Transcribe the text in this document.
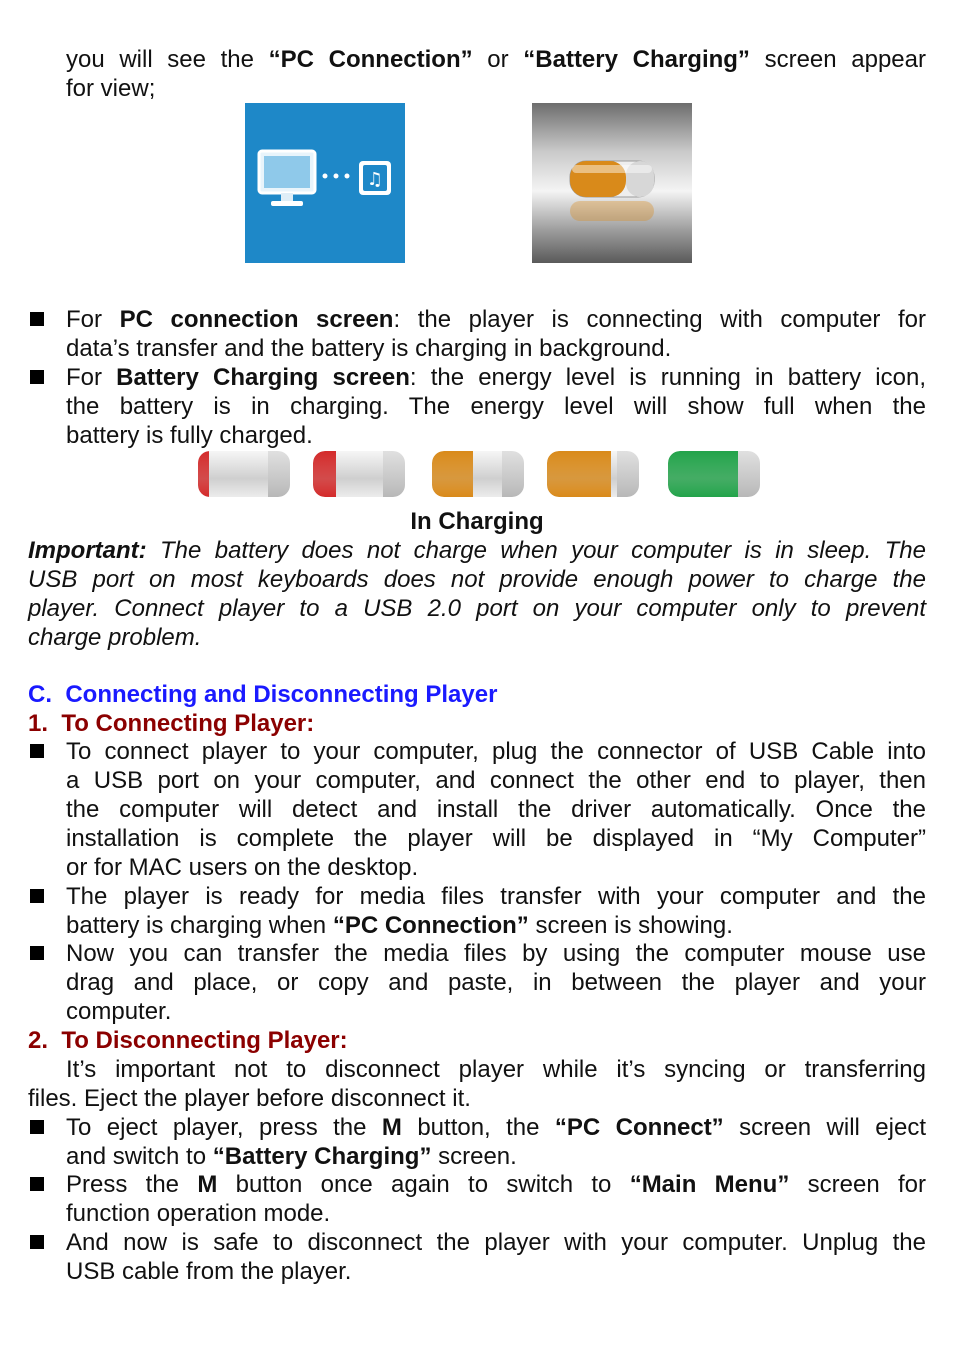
you will see the “PC Connection” or “Battery Charging” screen appear
for view;
♫
For PC connection screen: the player is connecting with computer for
data’s transfer and the battery is charging in background.
For Battery Charging screen: the energy level is running in battery icon,
the battery is in charging. The energy level will show full when the
battery is fully charged.
In Charging
Important: The battery does not charge when your computer is in sleep. The
USB port on most keyboards does not provide enough power to charge the
player. Connect player to a USB 2.0 port on your computer only to prevent
charge problem.
C.  Connecting and Disconnecting Player
1.  To Connecting Player:
To connect player to your computer, plug the connector of USB Cable into
a USB port on your computer, and connect the other end to player, then
the computer will detect and install the driver automatically. Once the
installation is complete the player will be displayed in “My Computer”
or for MAC users on the desktop.
The player is ready for media files transfer with your computer and the
battery is charging when “PC Connection” screen is showing.
Now you can transfer the media files by using the computer mouse use
drag and place, or copy and paste, in between the player and your
computer.
2.  To Disconnecting Player:
It’s important not to disconnect player while it’s syncing or transferring
files. Eject the player before disconnect it.
To eject player, press the M button, the “PC Connect” screen will eject
and switch to “Battery Charging” screen.
Press the M button once again to switch to “Main Menu” screen for
function operation mode.
And now is safe to disconnect the player with your computer. Unplug the
USB cable from the player.
